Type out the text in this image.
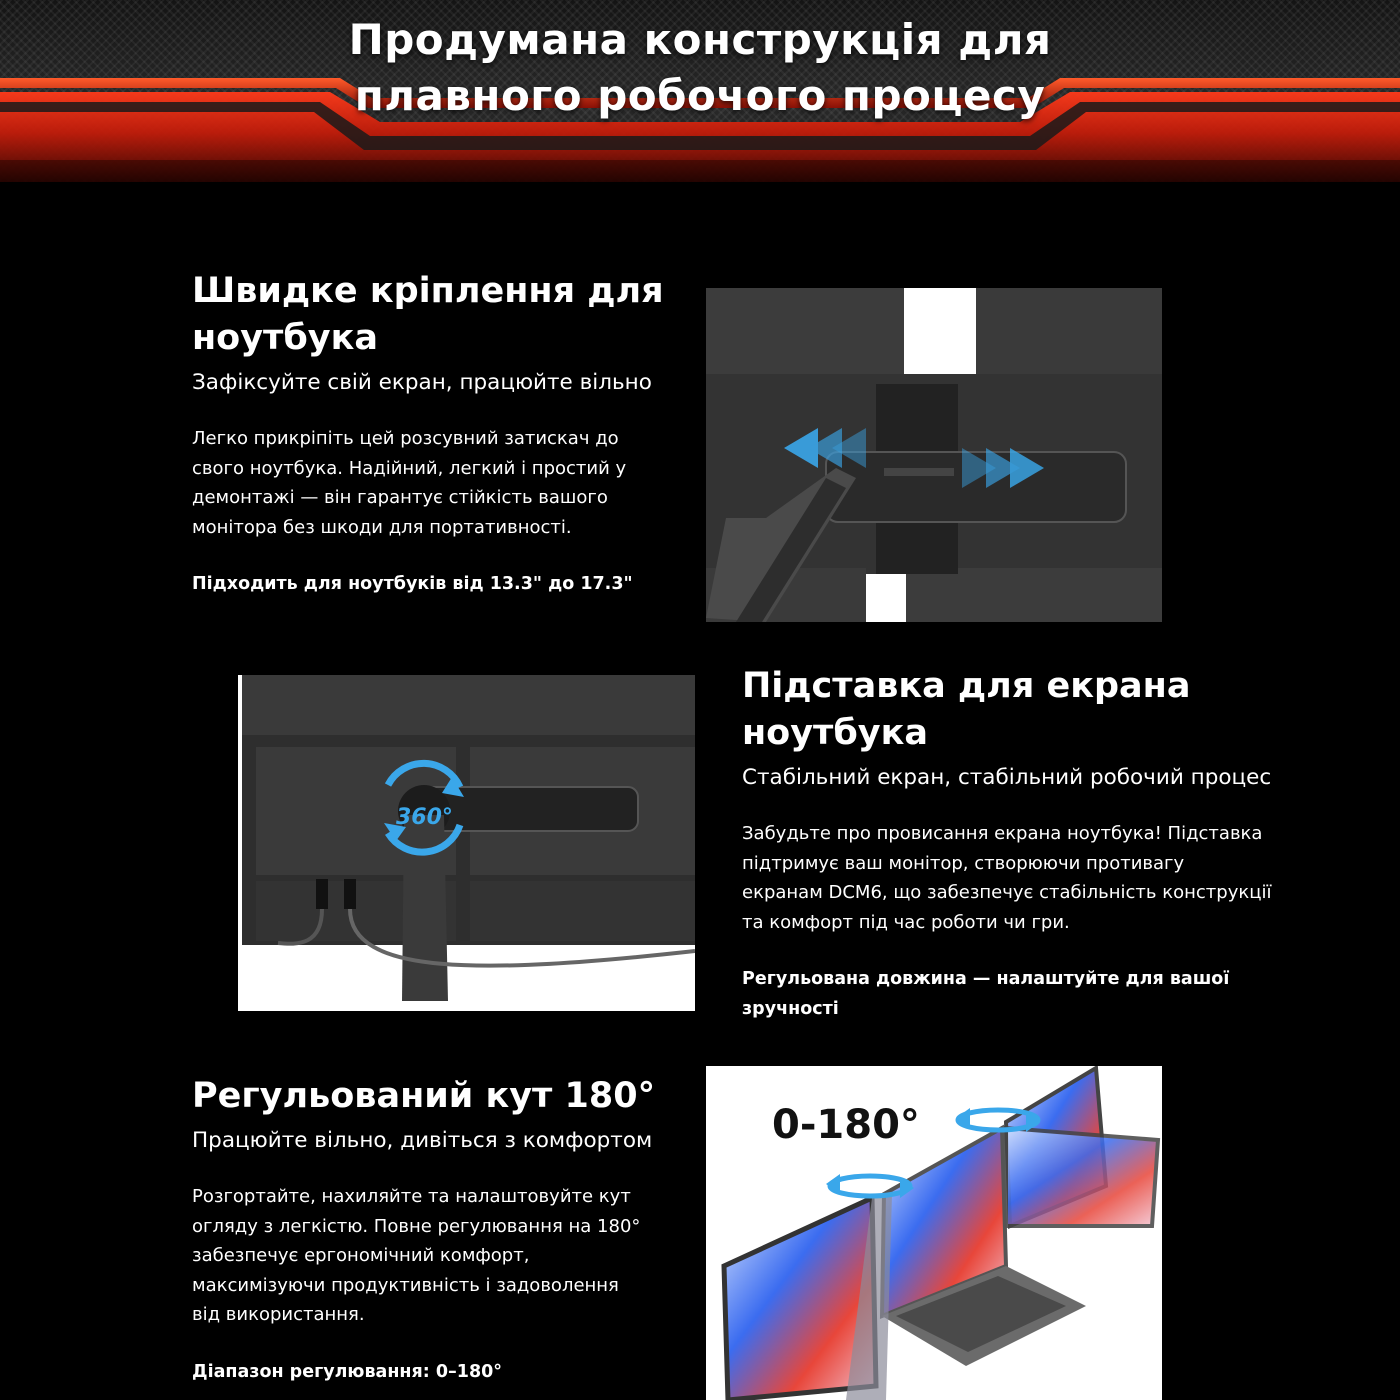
Продумана конструкція для
плавного робочого процесу
Швидке кріплення для
ноутбука
Зафіксуйте свій екран, працюйте вільно
Легко прикріпіть цей розсувний затискач до
свого ноутбука. Надійний, легкий і простий у
демонтажі — він гарантує стійкість вашого
монітора без шкоди для портативності.
Підходить для ноутбуків від 13.3" до 17.3"
360°
Підставка для екрана
ноутбука
Стабільний екран, стабільний робочий процес
Забудьте про провисання екрана ноутбука! Підставка
підтримує ваш монітор, створюючи противагу
екранам DCM6, що забезпечує стабільність конструкції
та комфорт під час роботи чи гри.
Регульована довжина — налаштуйте для вашої
зручності
Регульований кут 180°
Працюйте вільно, дивіться з комфортом
Розгортайте, нахиляйте та налаштовуйте кут
огляду з легкістю. Повне регулювання на 180°
забезпечує ергономічний комфорт,
максимізуючи продуктивність і задоволення
від використання.
Діапазон регулювання: 0–180°
0-180°
